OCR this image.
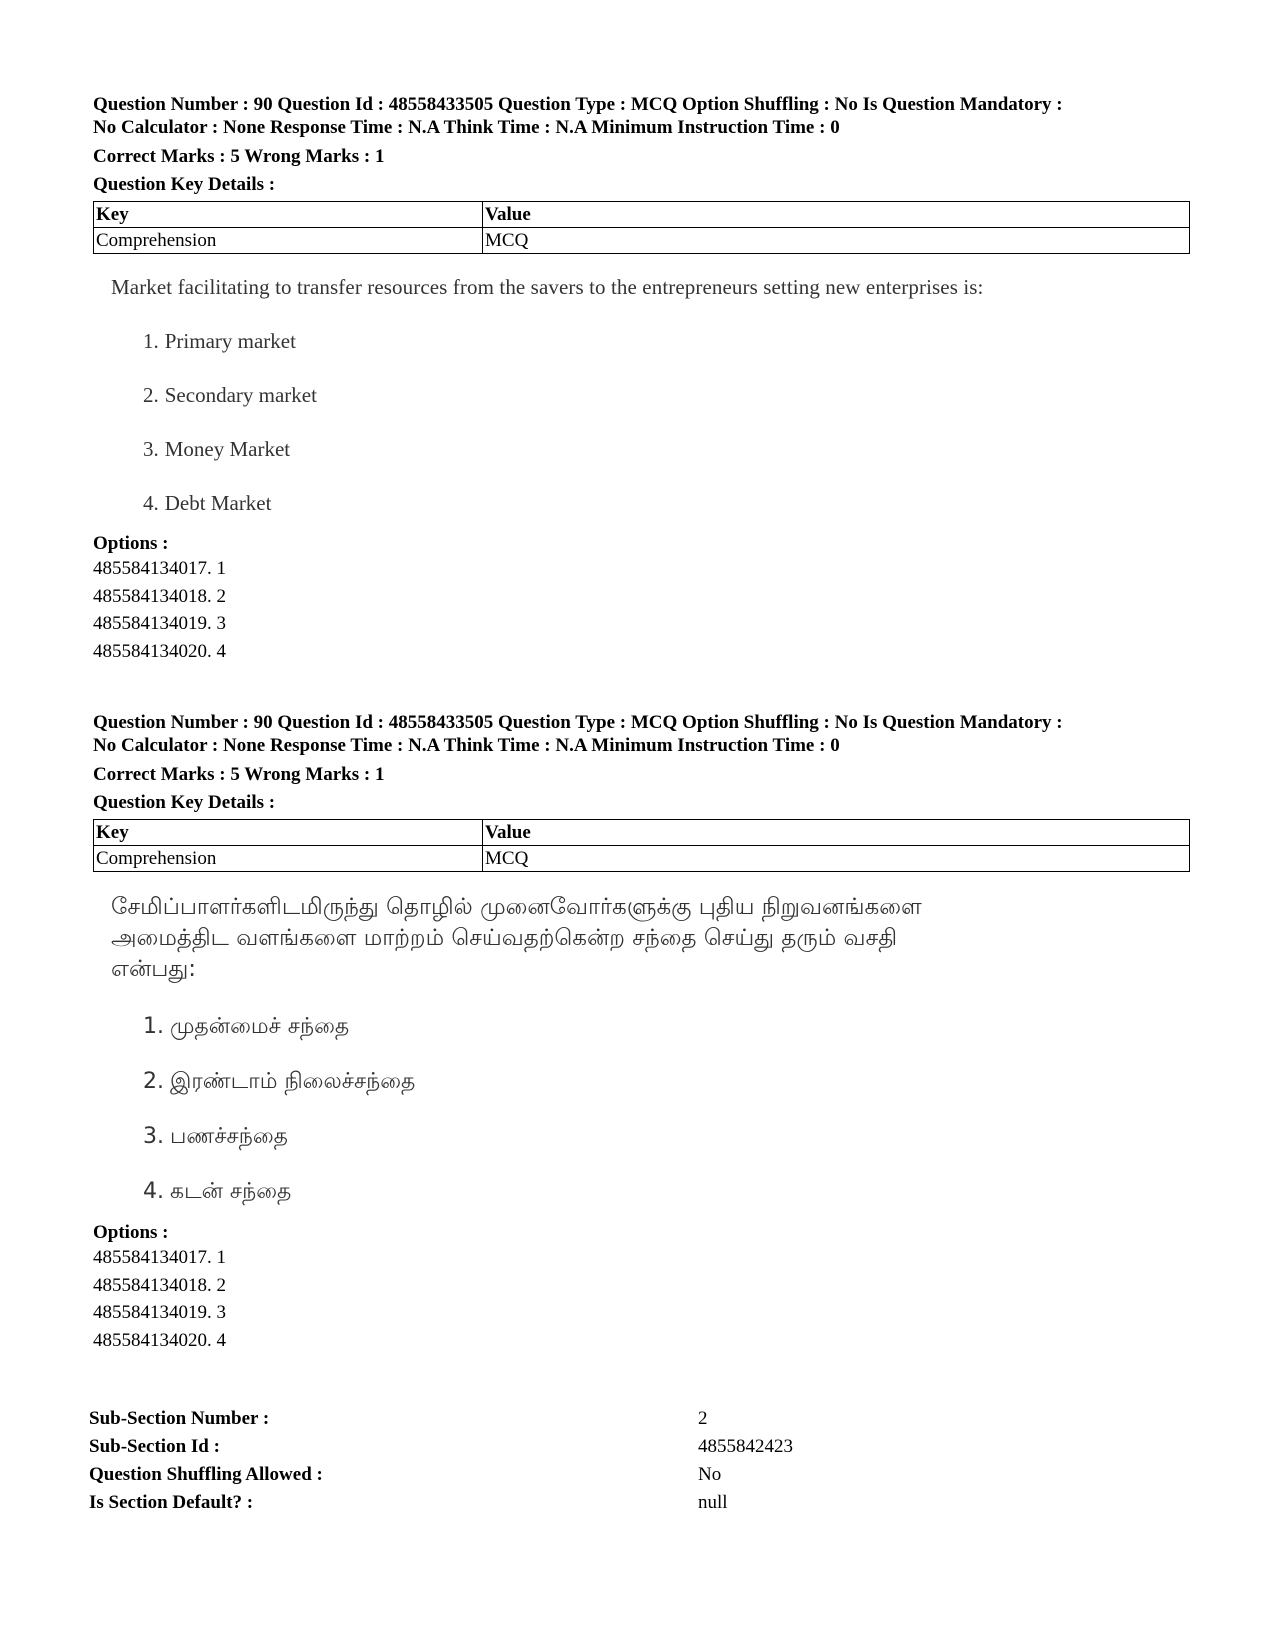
Question Number : 90 Question Id : 48558433505 Question Type : MCQ Option Shuffling : No Is Question Mandatory :
No Calculator : None Response Time : N.A Think Time : N.A Minimum Instruction Time : 0

Correct Marks : 5 Wrong Marks : 1
Question Key Details :
Key	Value
Comprehension	MCQ
Market facilitating to transfer resources from the savers to the entrepreneurs setting new enterprises is:
1. Primary market
2. Secondary market
3. Money Market
4. Debt Market
Options :
485584134017. 1
485584134018. 2
485584134019. 3
485584134020. 4

Question Number : 90 Question Id : 48558433505 Question Type : MCQ Option Shuffling : No Is Question Mandatory :
No Calculator : None Response Time : N.A Think Time : N.A Minimum Instruction Time : 0

Correct Marks : 5 Wrong Marks : 1
Question Key Details :
Key	Value
Comprehension	MCQ
சேமிப்பாளர்களிடமிருந்து தொழில் முனைவோர்களுக்கு புதிய நிறுவனங்களை
அமைத்திட வளங்களை மாற்றம் செய்வதற்கென்ற சந்தை செய்து தரும் வசதி
என்பது:
1. முதன்மைச் சந்தை
2. இரண்டாம் நிலைச்சந்தை
3. பணச்சந்தை
4. கடன் சந்தை
Options :
485584134017. 1
485584134018. 2
485584134019. 3
485584134020. 4
Sub-Section Number :	2
Sub-Section Id :	4855842423
Question Shuffling Allowed :	No
Is Section Default? :	null
